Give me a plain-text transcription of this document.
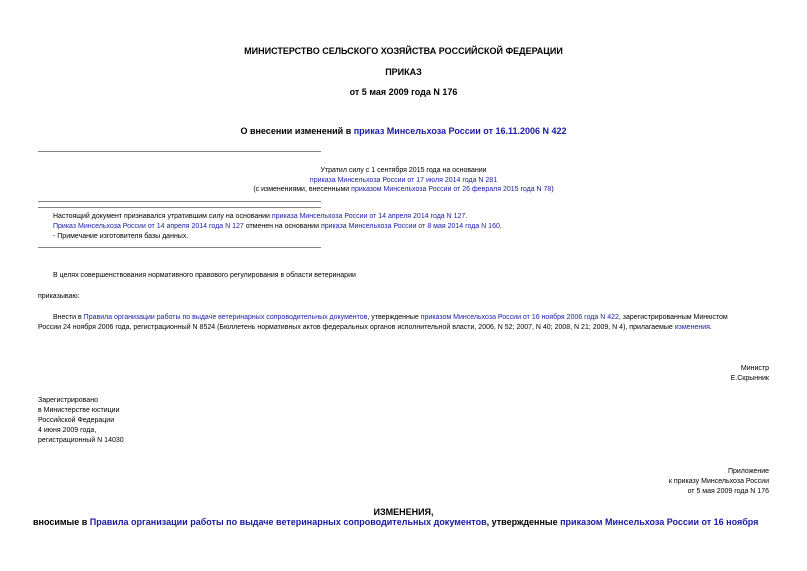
МИНИСТЕРСТВО СЕЛЬСКОГО ХОЗЯЙСТВА РОССИЙСКОЙ ФЕДЕРАЦИИ
ПРИКАЗ
от 5 мая 2009 года N 176
О внесении изменений в приказ Минсельхоза России от 16.11.2006 N 422
Утратил силу с 1 сентября 2015 года на основании
приказа Минсельхоза России от 17 июля 2014 года N 281
(с изменениями, внесенными приказом Минсельхоза России от 26 февраля 2015 года N 78)
Настоящий документ признавался утратившим силу на основании приказа Минсельхоза России от 14 апреля 2014 года N 127.
Приказ Минсельхоза России от 14 апреля 2014 года N 127 отменен на основании приказа Минсельхоза России от 8 мая 2014 года N 160.
- Примечание изготовителя базы данных.
В целях совершенствования нормативного правового регулирования в области ветеринарии
приказываю:
Внести в Правила организации работы по выдаче ветеринарных сопроводительных документов, утвержденные приказом Минсельхоза России от 16 ноября 2006 года N 422, зарегистрированным Минюстом
России 24 ноября 2006 года, регистрационный N 8524 (Бюллетень нормативных актов федеральных органов исполнительной власти, 2006, N 52; 2007, N 40; 2008, N 21; 2009, N 4), прилагаемые изменения.
Министр
Е.Скрынник
Зарегистрировано
в Министерстве юстиции
Российской Федерации
4 июня 2009 года,
регистрационный N 14030
Приложение
к приказу Минсельхоза России
от 5 мая 2009 года N 176
ИЗМЕНЕНИЯ,
вносимые в Правила организации работы по выдаче ветеринарных сопроводительных документов, утвержденные приказом Минсельхоза России от 16 ноября
